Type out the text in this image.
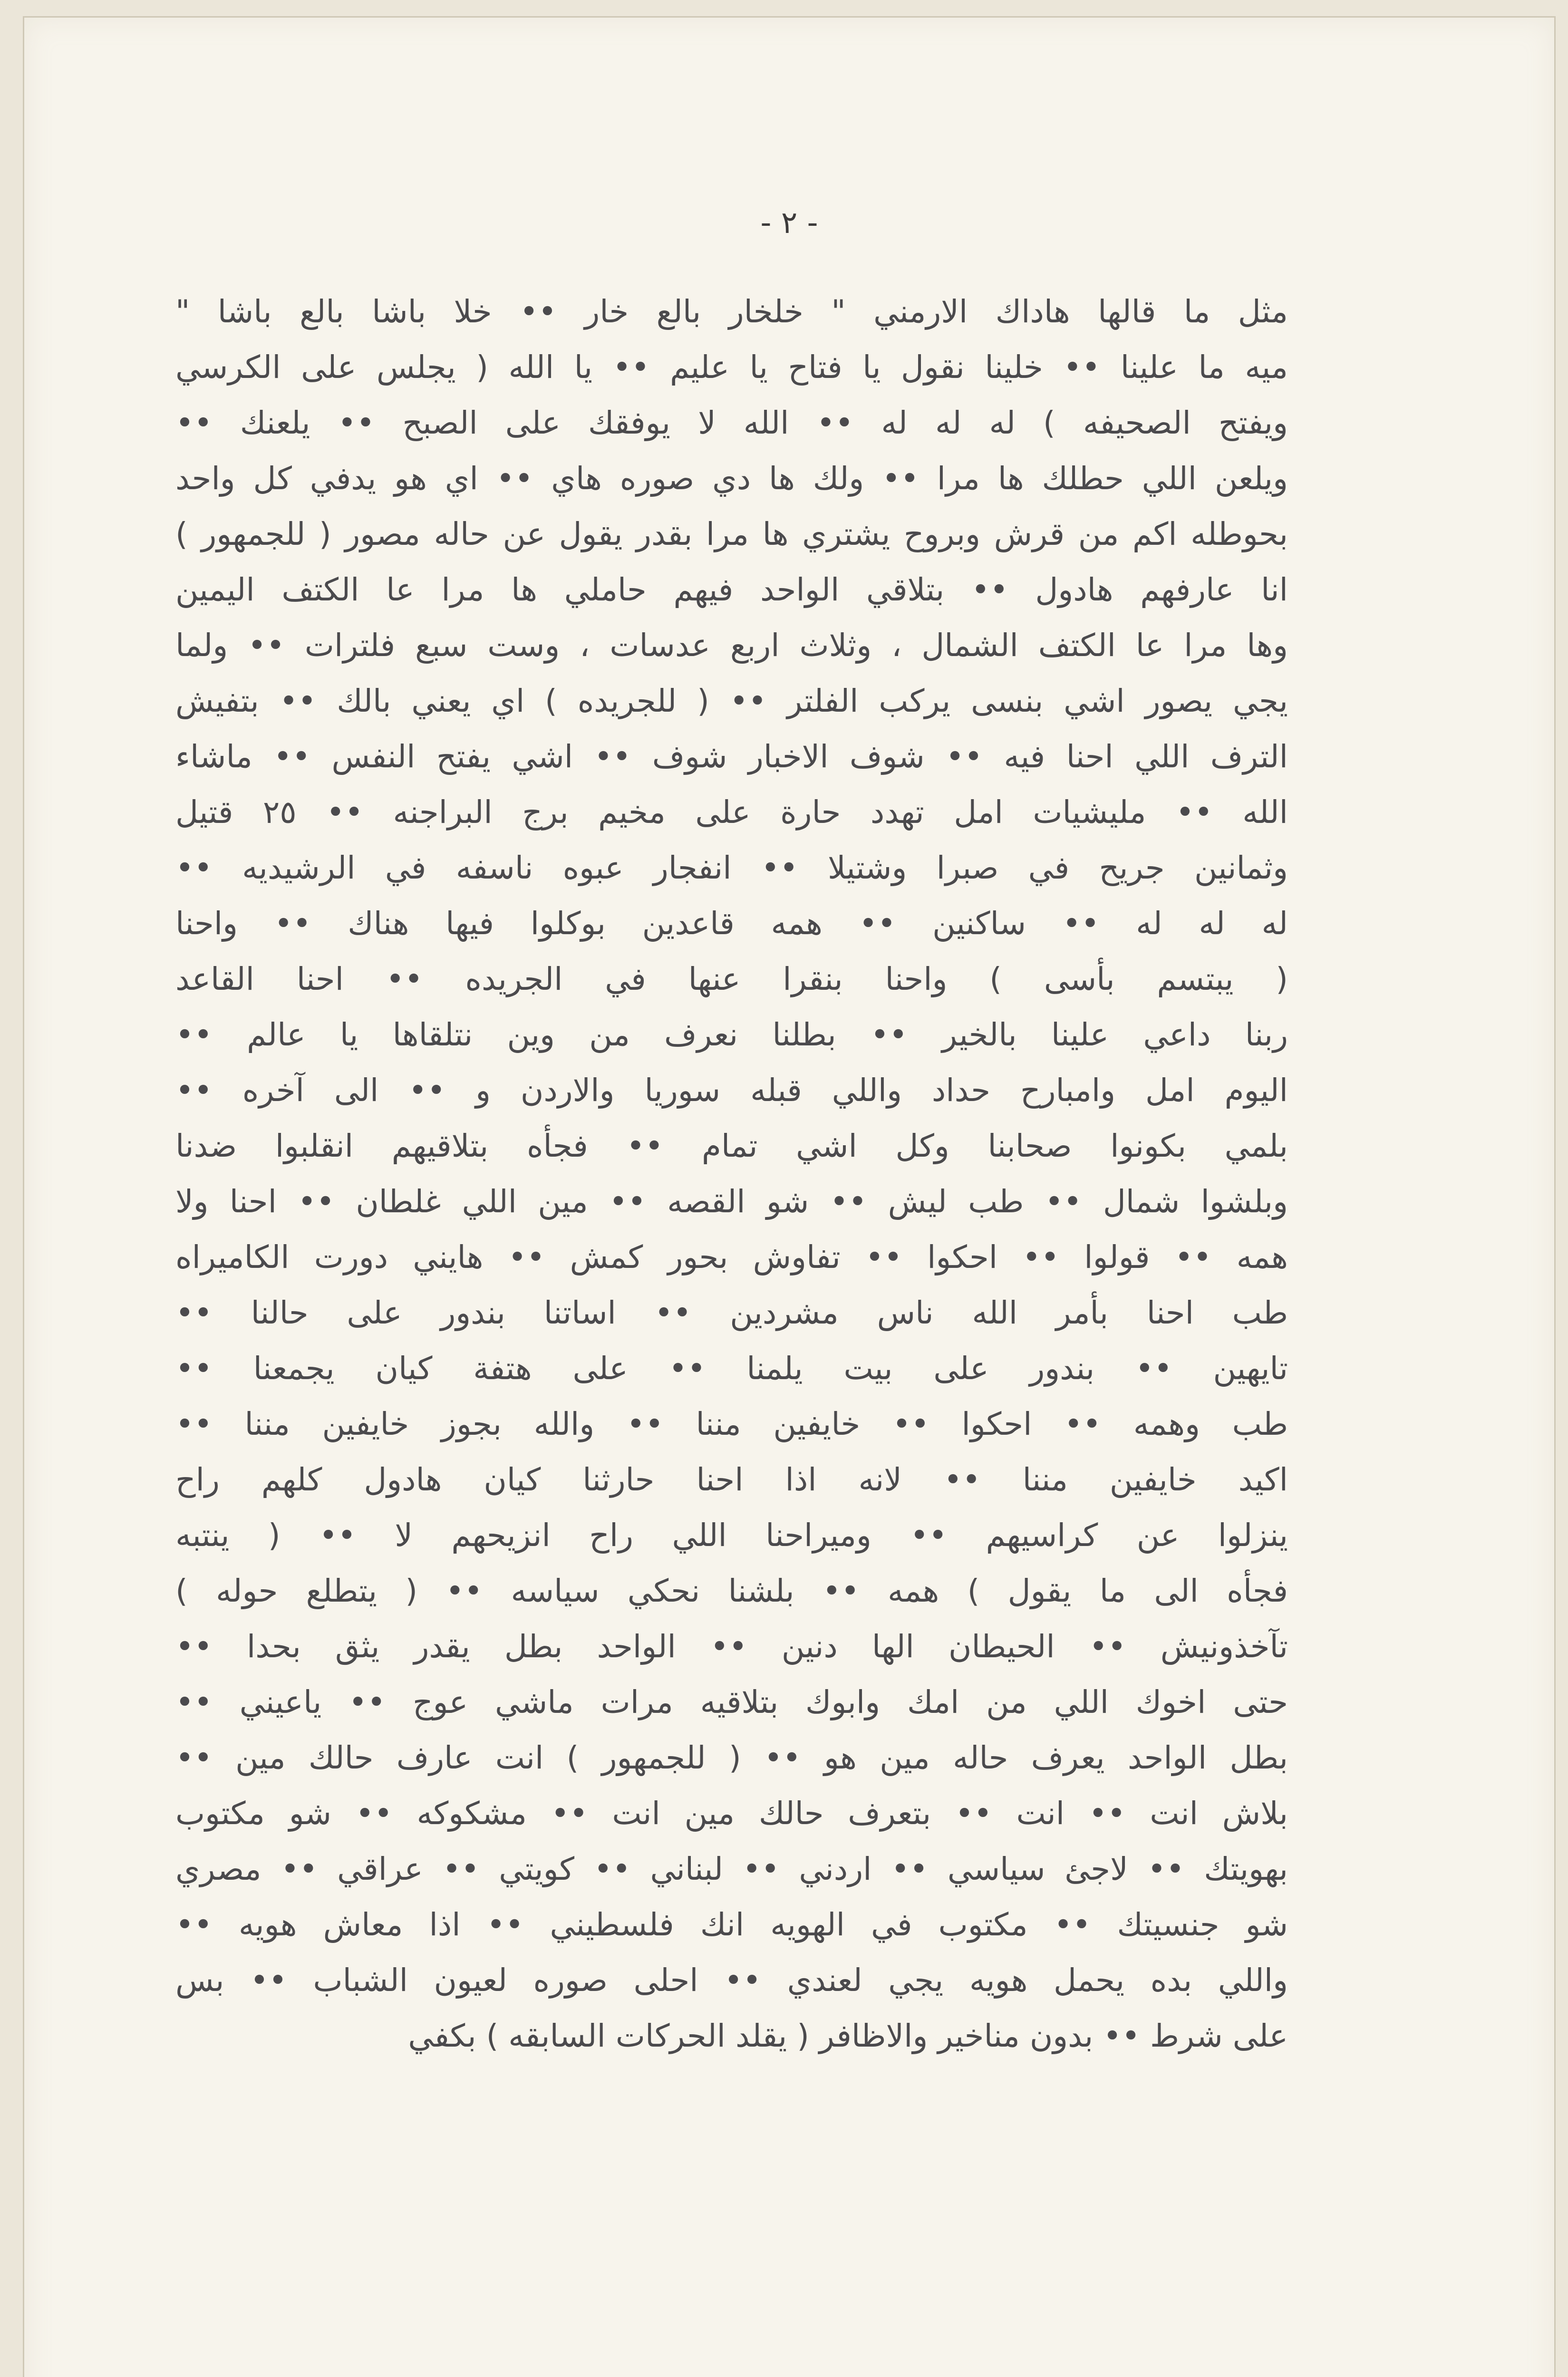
- ٢ -
مثل ما قالها هاداك الارمني " خلخار بالع خار •• خلا باشا بالع باشا "
ميه ما علينا •• خلينا نقول يا فتاح يا عليم •• يا الله ( يجلس على الكرسي
ويفتح الصحيفه ) له له له •• الله لا يوفقك على الصبح •• يلعنك ••
ويلعن اللي حطلك ها مرا •• ولك ها دي صوره هاي •• اي هو يدفي كل واحد
بحوطله اكم من قرش وبروح يشتري ها مرا بقدر يقول عن حاله مصور ( للجمهور )
انا عارفهم هادول •• بتلاقي الواحد فيهم حاملي ها مرا عا الكتف اليمين
وها مرا عا الكتف الشمال ، وثلاث اربع عدسات ، وست سبع فلترات •• ولما
يجي يصور اشي بنسى يركب الفلتر •• ( للجريده ) اي يعني بالك •• بتفيش
الترف اللي احنا فيه •• شوف الاخبار شوف •• اشي يفتح النفس •• ماشاء
الله •• مليشيات امل تهدد حارة على مخيم برج البراجنه •• ٢٥ قتيل
وثمانين جريح في صبرا وشتيلا •• انفجار عبوه ناسفه في الرشيديه ••
له له له •• ساكنين •• همه قاعدين بوكلوا فيها هناك •• واحنا
( يبتسم بأسى ) واحنا بنقرا عنها في الجريده •• احنا القاعد
ربنا داعي علينا بالخير •• بطلنا نعرف من وين نتلقاها يا عالم ••
اليوم امل وامبارح حداد واللي قبله سوريا والاردن و •• الى آخره ••
بلمي بكونوا صحابنا وكل اشي تمام •• فجأه بتلاقيهم انقلبوا ضدنا
وبلشوا شمال •• طب ليش •• شو القصه •• مين اللي غلطان •• احنا ولا
همه •• قولوا •• احكوا •• تفاوش بحور كمش •• هايني دورت الكاميراه
طب احنا بأمر الله ناس مشردين •• اساتنا بندور على حالنا ••
تايهين •• بندور على بيت يلمنا •• على هتفة كيان يجمعنا ••
طب وهمه •• احكوا •• خايفين مننا •• والله بجوز خايفين مننا ••
اكيد خايفين مننا •• لانه اذا احنا حارثنا كيان هادول كلهم راح
ينزلوا عن كراسيهم •• وميراحنا اللي راح انزيحهم لا •• ( ينتبه
فجأه الى ما يقول ) همه •• بلشنا نحكي سياسه •• ( يتطلع حوله )
تآخذونيش •• الحيطان الها دنين •• الواحد بطل يقدر يثق بحدا ••
حتى اخوك اللي من امك وابوك بتلاقيه مرات ماشي عوج •• ياعيني ••
بطل الواحد يعرف حاله مين هو •• ( للجمهور ) انت عارف حالك مين ••
بلاش انت •• انت •• بتعرف حالك مين انت •• مشكوكه •• شو مكتوب
بهويتك •• لاجئ سياسي •• اردني •• لبناني •• كويتي •• عراقي •• مصري
شو جنسيتك •• مكتوب في الهويه انك فلسطيني •• اذا معاش هويه ••
واللي بده يحمل هويه يجي لعندي •• احلى صوره لعيون الشباب •• بس
على شرط •• بدون مناخير والاظافر ( يقلد الحركات السابقه ) بكفي
